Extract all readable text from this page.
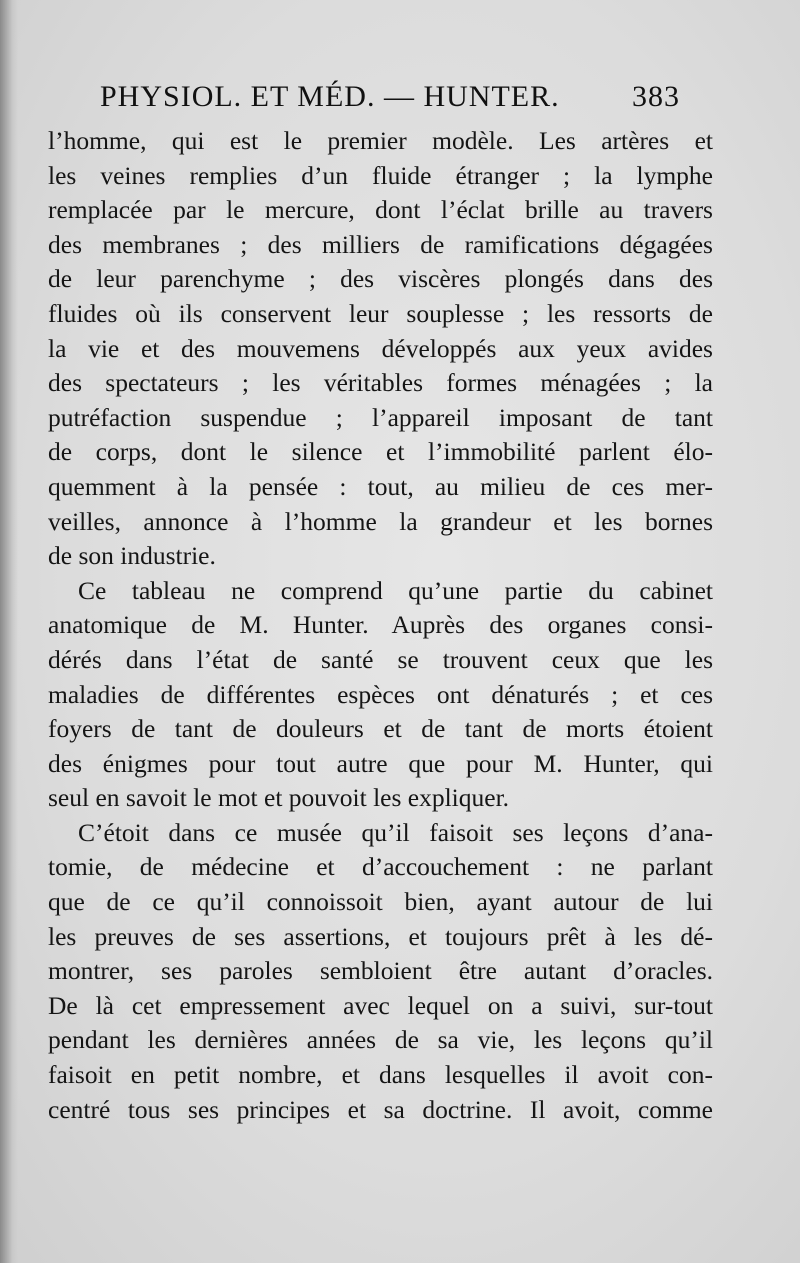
PHYSIOL. ET MÉD. — HUNTER. 383
l’homme, qui est le premier modèle. Les artères et
les veines remplies d’un fluide étranger ; la lymphe
remplacée par le mercure, dont l’éclat brille au travers
des membranes ; des milliers de ramifications dégagées
de leur parenchyme ; des viscères plongés dans des
fluides où ils conservent leur souplesse ; les ressorts de
la vie et des mouvemens développés aux yeux avides
des spectateurs ; les véritables formes ménagées ; la
putréfaction suspendue ; l’appareil imposant de tant
de corps, dont le silence et l’immobilité parlent élo-
quemment à la pensée : tout, au milieu de ces mer-
veilles, annonce à l’homme la grandeur et les bornes
de son industrie.
Ce tableau ne comprend qu’une partie du cabinet
anatomique de M. Hunter. Auprès des organes consi-
dérés dans l’état de santé se trouvent ceux que les
maladies de différentes espèces ont dénaturés ; et ces
foyers de tant de douleurs et de tant de morts étoient
des énigmes pour tout autre que pour M. Hunter, qui
seul en savoit le mot et pouvoit les expliquer.
C’étoit dans ce musée qu’il faisoit ses leçons d’ana-
tomie, de médecine et d’accouchement : ne parlant
que de ce qu’il connoissoit bien, ayant autour de lui
les preuves de ses assertions, et toujours prêt à les dé-
montrer, ses paroles sembloient être autant d’oracles.
De là cet empressement avec lequel on a suivi, sur-tout
pendant les dernières années de sa vie, les leçons qu’il
faisoit en petit nombre, et dans lesquelles il avoit con-
centré tous ses principes et sa doctrine. Il avoit, comme
